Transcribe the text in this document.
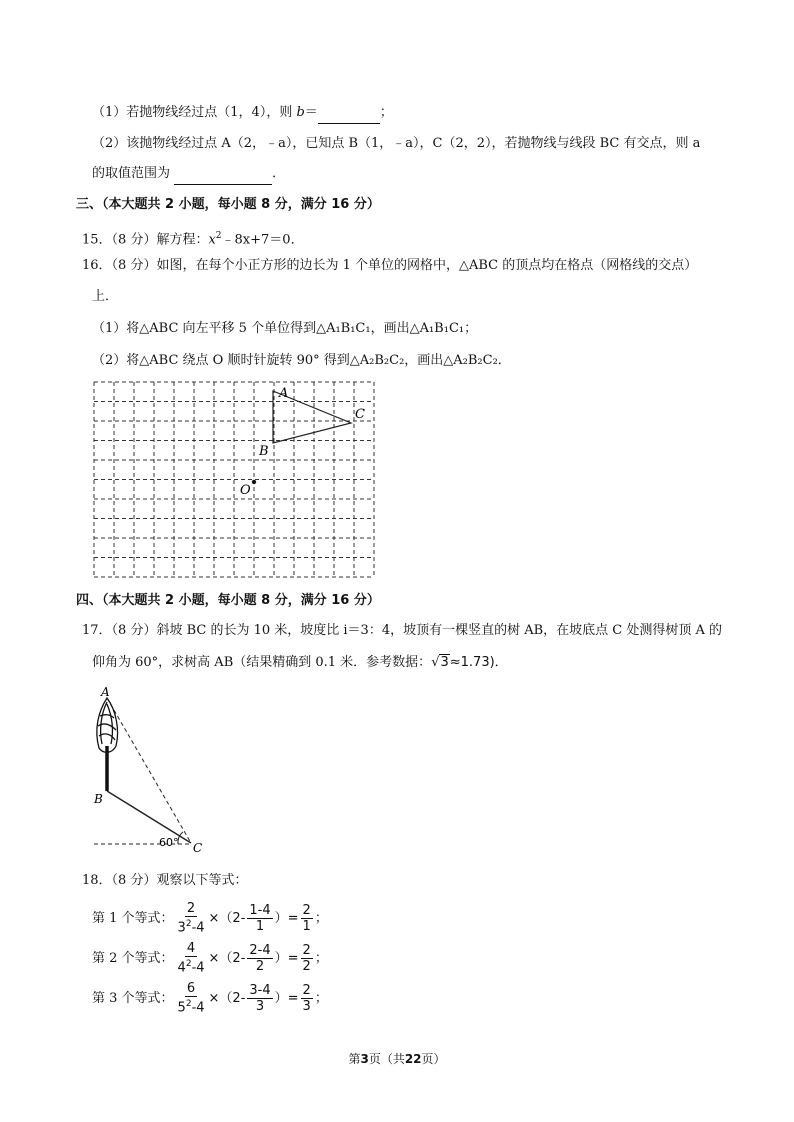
（1）若抛物线经过点（1，4），则 b＝	；
（2）该抛物线经过点 A（2，﹣a），已知点 B（1，﹣a），C（2，2），若抛物线与线段 BC 有交点，则 a
的取值范围为	．
三、（本大题共 2 小题，每小题 8 分，满分 16 分）
15．（8 分）解方程：$x^2﹣8x+7=0$．
16．（8 分）如图，在每个小正方形的边长为 1 个单位的网格中，△ABC 的顶点均在格点（网格线的交点）
上．
（1）将△ABC 向左平移 5 个单位得到△A₁B₁C₁，画出△A₁B₁C₁；
（2）将△ABC 绕点 O 顺时针旋转 90° 得到△A₂B₂C₂，画出△A₂B₂C₂．
A
C
B
O
四、（本大题共 2 小题，每小题 8 分，满分 16 分）
17．（8 分）斜坡 BC 的长为 10 米，坡度比 i＝3：4，坡顶有一棵竖直的树 AB，在坡底点 C 处测得树顶 A 的
仰角为 60°，求树高 AB（结果精确到 0.1 米．参考数据：√3≈1.73)．
A
B
C
60°
18．（8 分）观察以下等式：
第 1 个等式： $\frac{2}{3^2-4} \times(2- \frac{1-4}{1}$ ）= $\frac{2}{1}$ ；
第 2 个等式： $\frac{4}{4^2-4} \times(2- \frac{2-4}{2}$ ）= $\frac{2}{2}$ ；
第 3 个等式： $\frac{6}{5^2-4} \times(2- \frac{3-4}{3}$ ）= $\frac{2}{3}$ ；
第3页（共22页）
